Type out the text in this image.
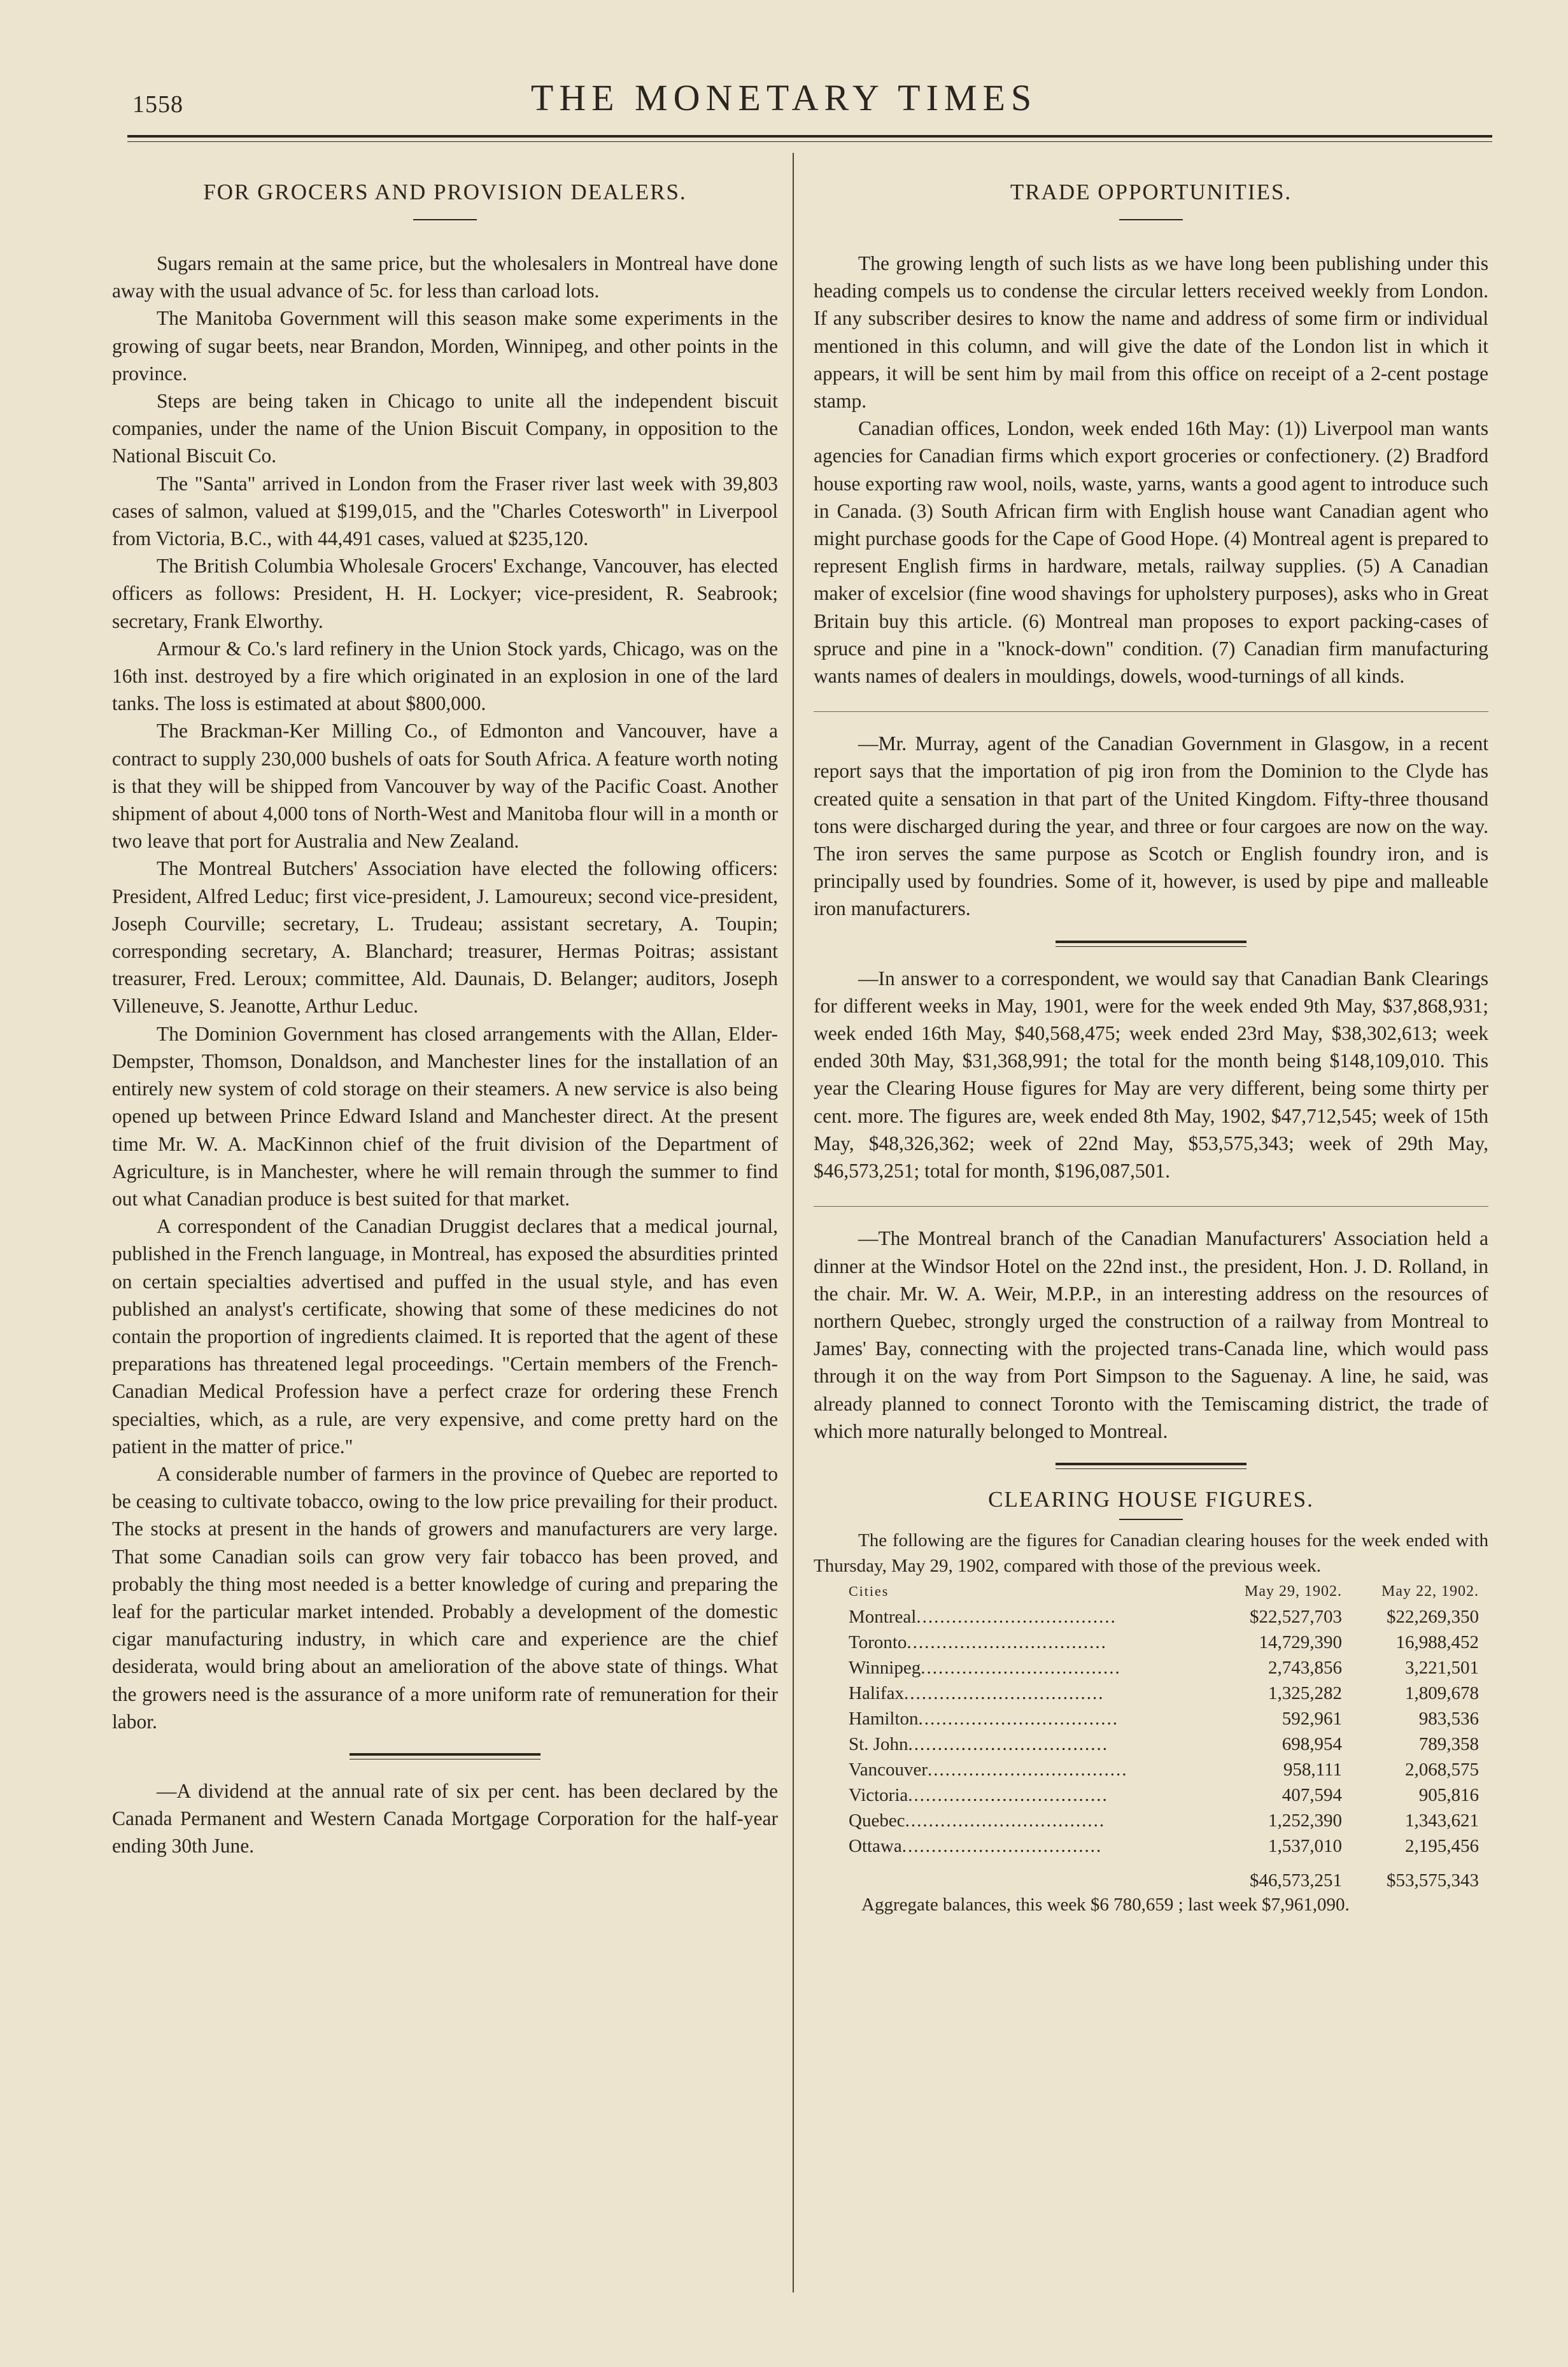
1558	THE MONETARY TIMES
FOR GROCERS AND PROVISION DEALERS.

Sugars remain at the same price, but the wholesalers in Montreal have done away with the usual advance of 5c. for less than carload lots.

The Manitoba Government will this season make some experiments in the growing of sugar beets, near Brandon, Morden, Winnipeg, and other points in the province.

Steps are being taken in Chicago to unite all the independent biscuit companies, under the name of the Union Biscuit Company, in opposition to the National Biscuit Co.

The "Santa" arrived in London from the Fraser river last week with 39,803 cases of salmon, valued at $199,015, and the "Charles Cotesworth" in Liverpool from Victoria, B.C., with 44,491 cases, valued at $235,120.

The British Columbia Wholesale Grocers' Exchange, Vancouver, has elected officers as follows: President, H. H. Lockyer; vice-president, R. Seabrook; secretary, Frank Elworthy.

Armour & Co.'s lard refinery in the Union Stock yards, Chicago, was on the 16th inst. destroyed by a fire which originated in an explosion in one of the lard tanks. The loss is estimated at about $800,000.

The Brackman-Ker Milling Co., of Edmonton and Vancouver, have a contract to supply 230,000 bushels of oats for South Africa. A feature worth noting is that they will be shipped from Vancouver by way of the Pacific Coast. Another shipment of about 4,000 tons of North-West and Manitoba flour will in a month or two leave that port for Australia and New Zealand.

The Montreal Butchers' Association have elected the following officers: President, Alfred Leduc; first vice-president, J. Lamoureux; second vice-president, Joseph Courville; secretary, L. Trudeau; assistant secretary, A. Toupin; corresponding secretary, A. Blanchard; treasurer, Hermas Poitras; assistant treasurer, Fred. Leroux; committee, Ald. Daunais, D. Belanger; auditors, Joseph Villeneuve, S. Jeanotte, Arthur Leduc.

The Dominion Government has closed arrangements with the Allan, Elder-Dempster, Thomson, Donaldson, and Manchester lines for the installation of an entirely new system of cold storage on their steamers. A new service is also being opened up between Prince Edward Island and Manchester direct. At the present time Mr. W. A. MacKinnon chief of the fruit division of the Department of Agriculture, is in Manchester, where he will remain through the summer to find out what Canadian produce is best suited for that market.

A correspondent of the Canadian Druggist declares that a medical journal, published in the French language, in Montreal, has exposed the absurdities printed on certain specialties advertised and puffed in the usual style, and has even published an analyst's certificate, showing that some of these medicines do not contain the proportion of ingredients claimed. It is reported that the agent of these preparations has threatened legal proceedings. "Certain members of the French-Canadian Medical Profession have a perfect craze for ordering these French specialties, which, as a rule, are very expensive, and come pretty hard on the patient in the matter of price."

A considerable number of farmers in the province of Quebec are reported to be ceasing to cultivate tobacco, owing to the low price prevailing for their product. The stocks at present in the hands of growers and manufacturers are very large. That some Canadian soils can grow very fair tobacco has been proved, and probably the thing most needed is a better knowledge of curing and preparing the leaf for the particular market intended. Probably a development of the domestic cigar manufacturing industry, in which care and experience are the chief desiderata, would bring about an amelioration of the above state of things. What the growers need is the assurance of a more uniform rate of remuneration for their labor.

—A dividend at the annual rate of six per cent. has been declared by the Canada Permanent and Western Canada Mortgage Corporation for the half-year ending 30th June.

TRADE OPPORTUNITIES.

The growing length of such lists as we have long been publishing under this heading compels us to condense the circular letters received weekly from London. If any subscriber desires to know the name and address of some firm or individual mentioned in this column, and will give the date of the London list in which it appears, it will be sent him by mail from this office on receipt of a 2-cent postage stamp.

Canadian offices, London, week ended 16th May: (1)) Liverpool man wants agencies for Canadian firms which export groceries or confectionery. (2) Bradford house exporting raw wool, noils, waste, yarns, wants a good agent to introduce such in Canada. (3) South African firm with English house want Canadian agent who might purchase goods for the Cape of Good Hope. (4) Montreal agent is prepared to represent English firms in hardware, metals, railway supplies. (5) A Canadian maker of excelsior (fine wood shavings for upholstery purposes), asks who in Great Britain buy this article. (6) Montreal man proposes to export packing-cases of spruce and pine in a "knock-down" condition. (7) Canadian firm manufacturing wants names of dealers in mouldings, dowels, wood-turnings of all kinds.

—Mr. Murray, agent of the Canadian Government in Glasgow, in a recent report says that the importation of pig iron from the Dominion to the Clyde has created quite a sensation in that part of the United Kingdom. Fifty-three thousand tons were discharged during the year, and three or four cargoes are now on the way. The iron serves the same purpose as Scotch or English foundry iron, and is principally used by foundries. Some of it, however, is used by pipe and malleable iron manufacturers.

—In answer to a correspondent, we would say that Canadian Bank Clearings for different weeks in May, 1901, were for the week ended 9th May, $37,868,931; week ended 16th May, $40,568,475; week ended 23rd May, $38,302,613; week ended 30th May, $31,368,991; the total for the month being $148,109,010. This year the Clearing House figures for May are very different, being some thirty per cent. more. The figures are, week ended 8th May, 1902, $47,712,545; week of 15th May, $48,326,362; week of 22nd May, $53,575,343; week of 29th May, $46,573,251; total for month, $196,087,501.

—The Montreal branch of the Canadian Manufacturers' Association held a dinner at the Windsor Hotel on the 22nd inst., the president, Hon. J. D. Rolland, in the chair. Mr. W. A. Weir, M.P.P., in an interesting address on the resources of northern Quebec, strongly urged the construction of a railway from Montreal to James' Bay, connecting with the projected trans-Canada line, which would pass through it on the way from Port Simpson to the Saguenay. A line, he said, was already planned to connect Toronto with the Temiscaming district, the trade of which more naturally belonged to Montreal.

CLEARING HOUSE FIGURES.

The following are the figures for Canadian clearing houses for the week ended with Thursday, May 29, 1902, compared with those of the previous week.

Cities	May 29, 1902.	May 22, 1902.
Montreal..................................	$22,527,703	$22,269,350
Toronto..................................	14,729,390	16,988,452
Winnipeg..................................	2,743,856	3,221,501
Halifax..................................	1,325,282	1,809,678
Hamilton..................................	592,961	983,536
St. John..................................	698,954	789,358
Vancouver..................................	958,111	2,068,575
Victoria..................................	407,594	905,816
Quebec..................................	1,252,390	1,343,621
Ottawa..................................	1,537,010	2,195,456
	$46,573,251	$53,575,343
Aggregate balances, this week $6 780,659 ; last week $7,961,090.
